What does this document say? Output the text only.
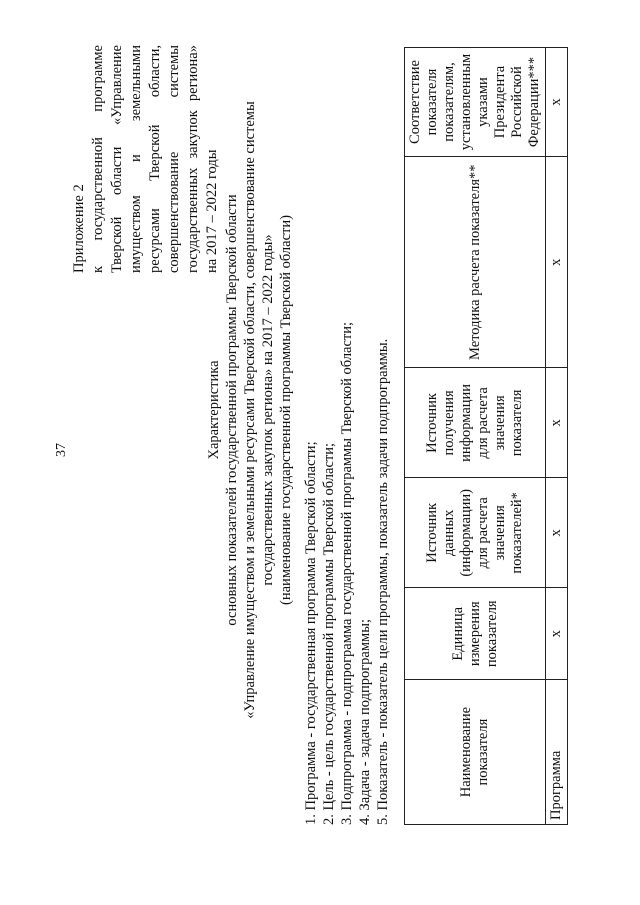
37
Приложение 2 к государственной программе Тверской области «Управление имуществом и земельными ресурсами Тверской области, совершенствование системы государственных закупок региона» на 2017 – 2022 годы
Характеристика основных показателей государственной программы Тверской области «Управление имуществом и земельными ресурсами Тверской области, совершенствование системы государственных закупок региона» на 2017 – 2022 годы» (наименование государственной программы Тверской области)
1. Программа - государственная программа Тверской области; 2. Цель - цель государственной программы Тверской области; 3. Подпрограмма - подпрограмма государственной программы Тверской области; 4. Задача - задача подпрограммы; 5. Показатель - показатель цели программы, показатель задачи подпрограммы.	Наименование показателя	Единица измерения показателя	Источник данных (информации) для расчета значения показателей*	Источник получения информации для расчета значения показателя	Методика расчета показателя**	Соответствие показателя показателям, установленным указами Президента Российской Федерации***
Программа	х	х	х	х	х
